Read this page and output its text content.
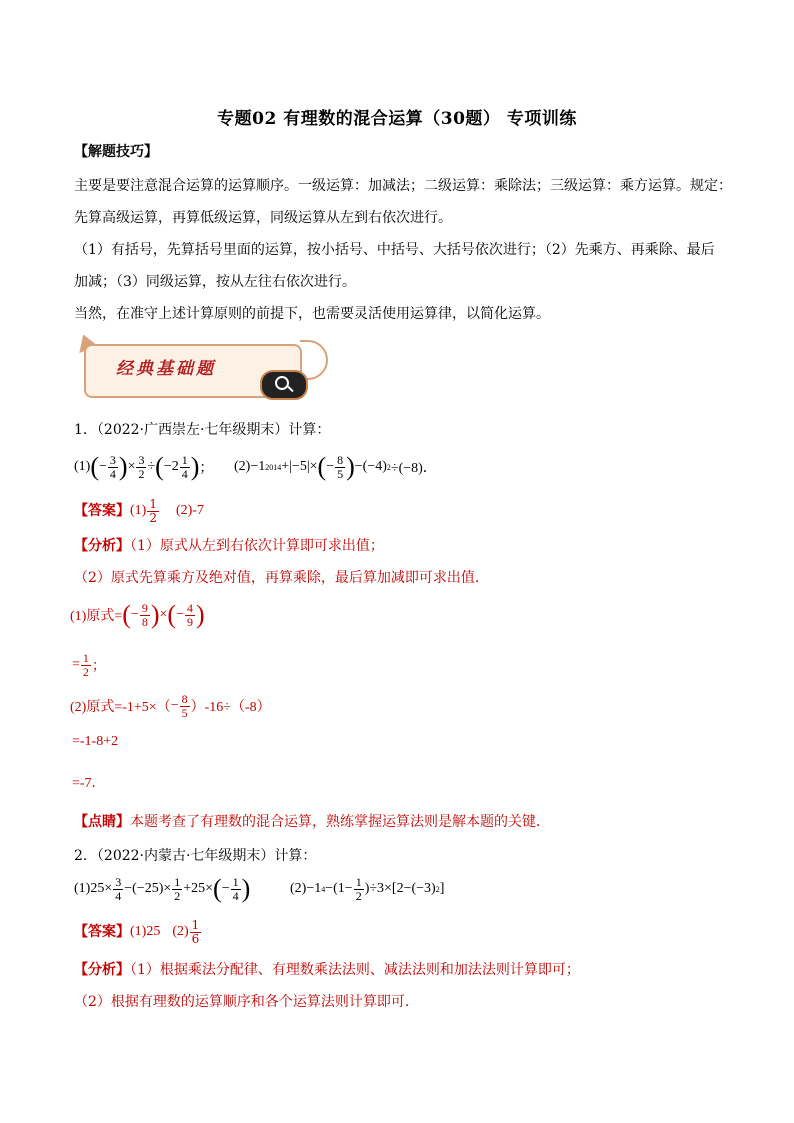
专题02 有理数的混合运算（30题） 专项训练
【解题技巧】
主要是要注意混合运算的运算顺序。一级运算：加减法；二级运算：乘除法；三级运算：乘方运算。规定：
先算高级运算，再算低级运算，同级运算从左到右依次进行。
（1）有括号，先算括号里面的运算，按小括号、中括号、大括号依次进行；（2）先乘方、再乘除、最后
加减；（3）同级运算，按从左往右依次进行。
当然，在准守上述计算原则的前提下，也需要灵活使用运算律，以简化运算。
经典基础题
1．（2022·广西崇左·七年级期末）计算：
(1) ( − $\frac{3}{4}$ ) × $\frac{3}{2}$ ÷ ( $-2 \frac{1}{4}$ ) ； (2) −1 2014 +|−5|× ( − $\frac{8}{5}$ ) −(−4) 2 ÷(−8)．
【答案】 $(1) \frac{1}{2} (2)-7$
【分析】（1）原式从左到右依次计算即可求出值；
（2）原式先算乘方及绝对值，再算乘除，最后算加减即可求出值．
(1)原式= ( − $\frac{9}{8}$ ) × ( − $\frac{4}{9}$ )
= $\frac{1}{2}$ ；
(2)原式$=-1+5\times( - \frac{8}{5} )-16\div(-8)$
=-1-8+2
=-7．
【点睛】本题考查了有理数的混合运算，熟练掌握运算法则是解本题的关键．
2．（2022·内蒙古·七年级期末）计算：
$(1)25\times \frac{3}{4} -(-25)\times \frac{1}{2} +25\times$ ( − $\frac{1}{4}$ )	(2)−1 $4 -(1- \frac{1}{2} )\div 3\times[2-(-3)$ 2 ]
【答案】 (1)25 $(2) \frac{1}{6}$
【分析】（1）根据乘法分配律、有理数乘法法则、减法法则和加法法则计算即可；
（2）根据有理数的运算顺序和各个运算法则计算即可．
